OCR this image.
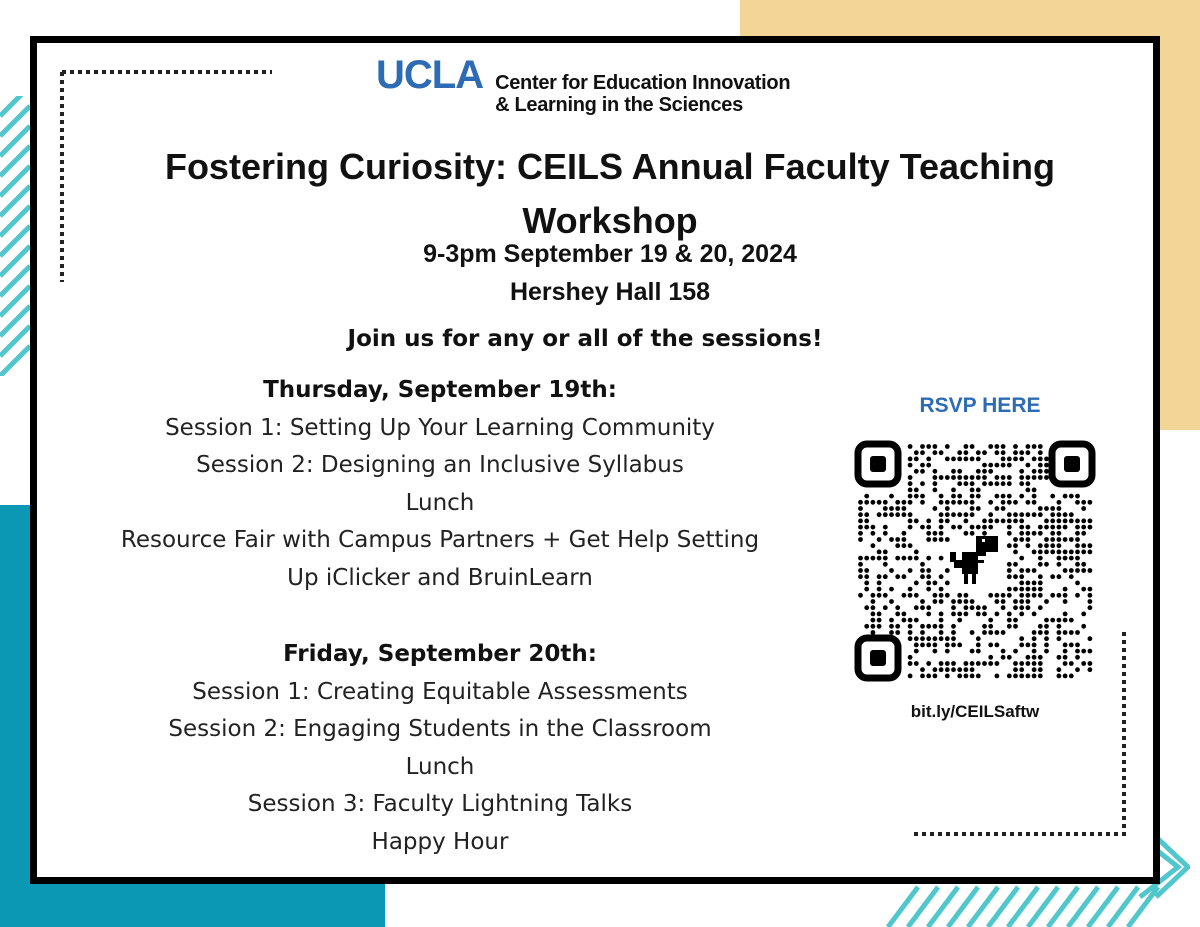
UCLA Center for Education Innovation
& Learning in the Sciences
Fostering Curiosity: CEILS Annual Faculty Teaching Workshop
9-3pm September 19 & 20, 2024
Hershey Hall 158
Join us for any or all of the sessions!
Thursday, September 19th:
Session 1: Setting Up Your Learning Community
Session 2: Designing an Inclusive Syllabus
Lunch
Resource Fair with Campus Partners + Get Help Setting
Up iClicker and BruinLearn
Friday, September 20th:
Session 1: Creating Equitable Assessments
Session 2: Engaging Students in the Classroom
Lunch
Session 3: Faculty Lightning Talks
Happy Hour
RSVP HERE
bit.ly/CEILSaftw
